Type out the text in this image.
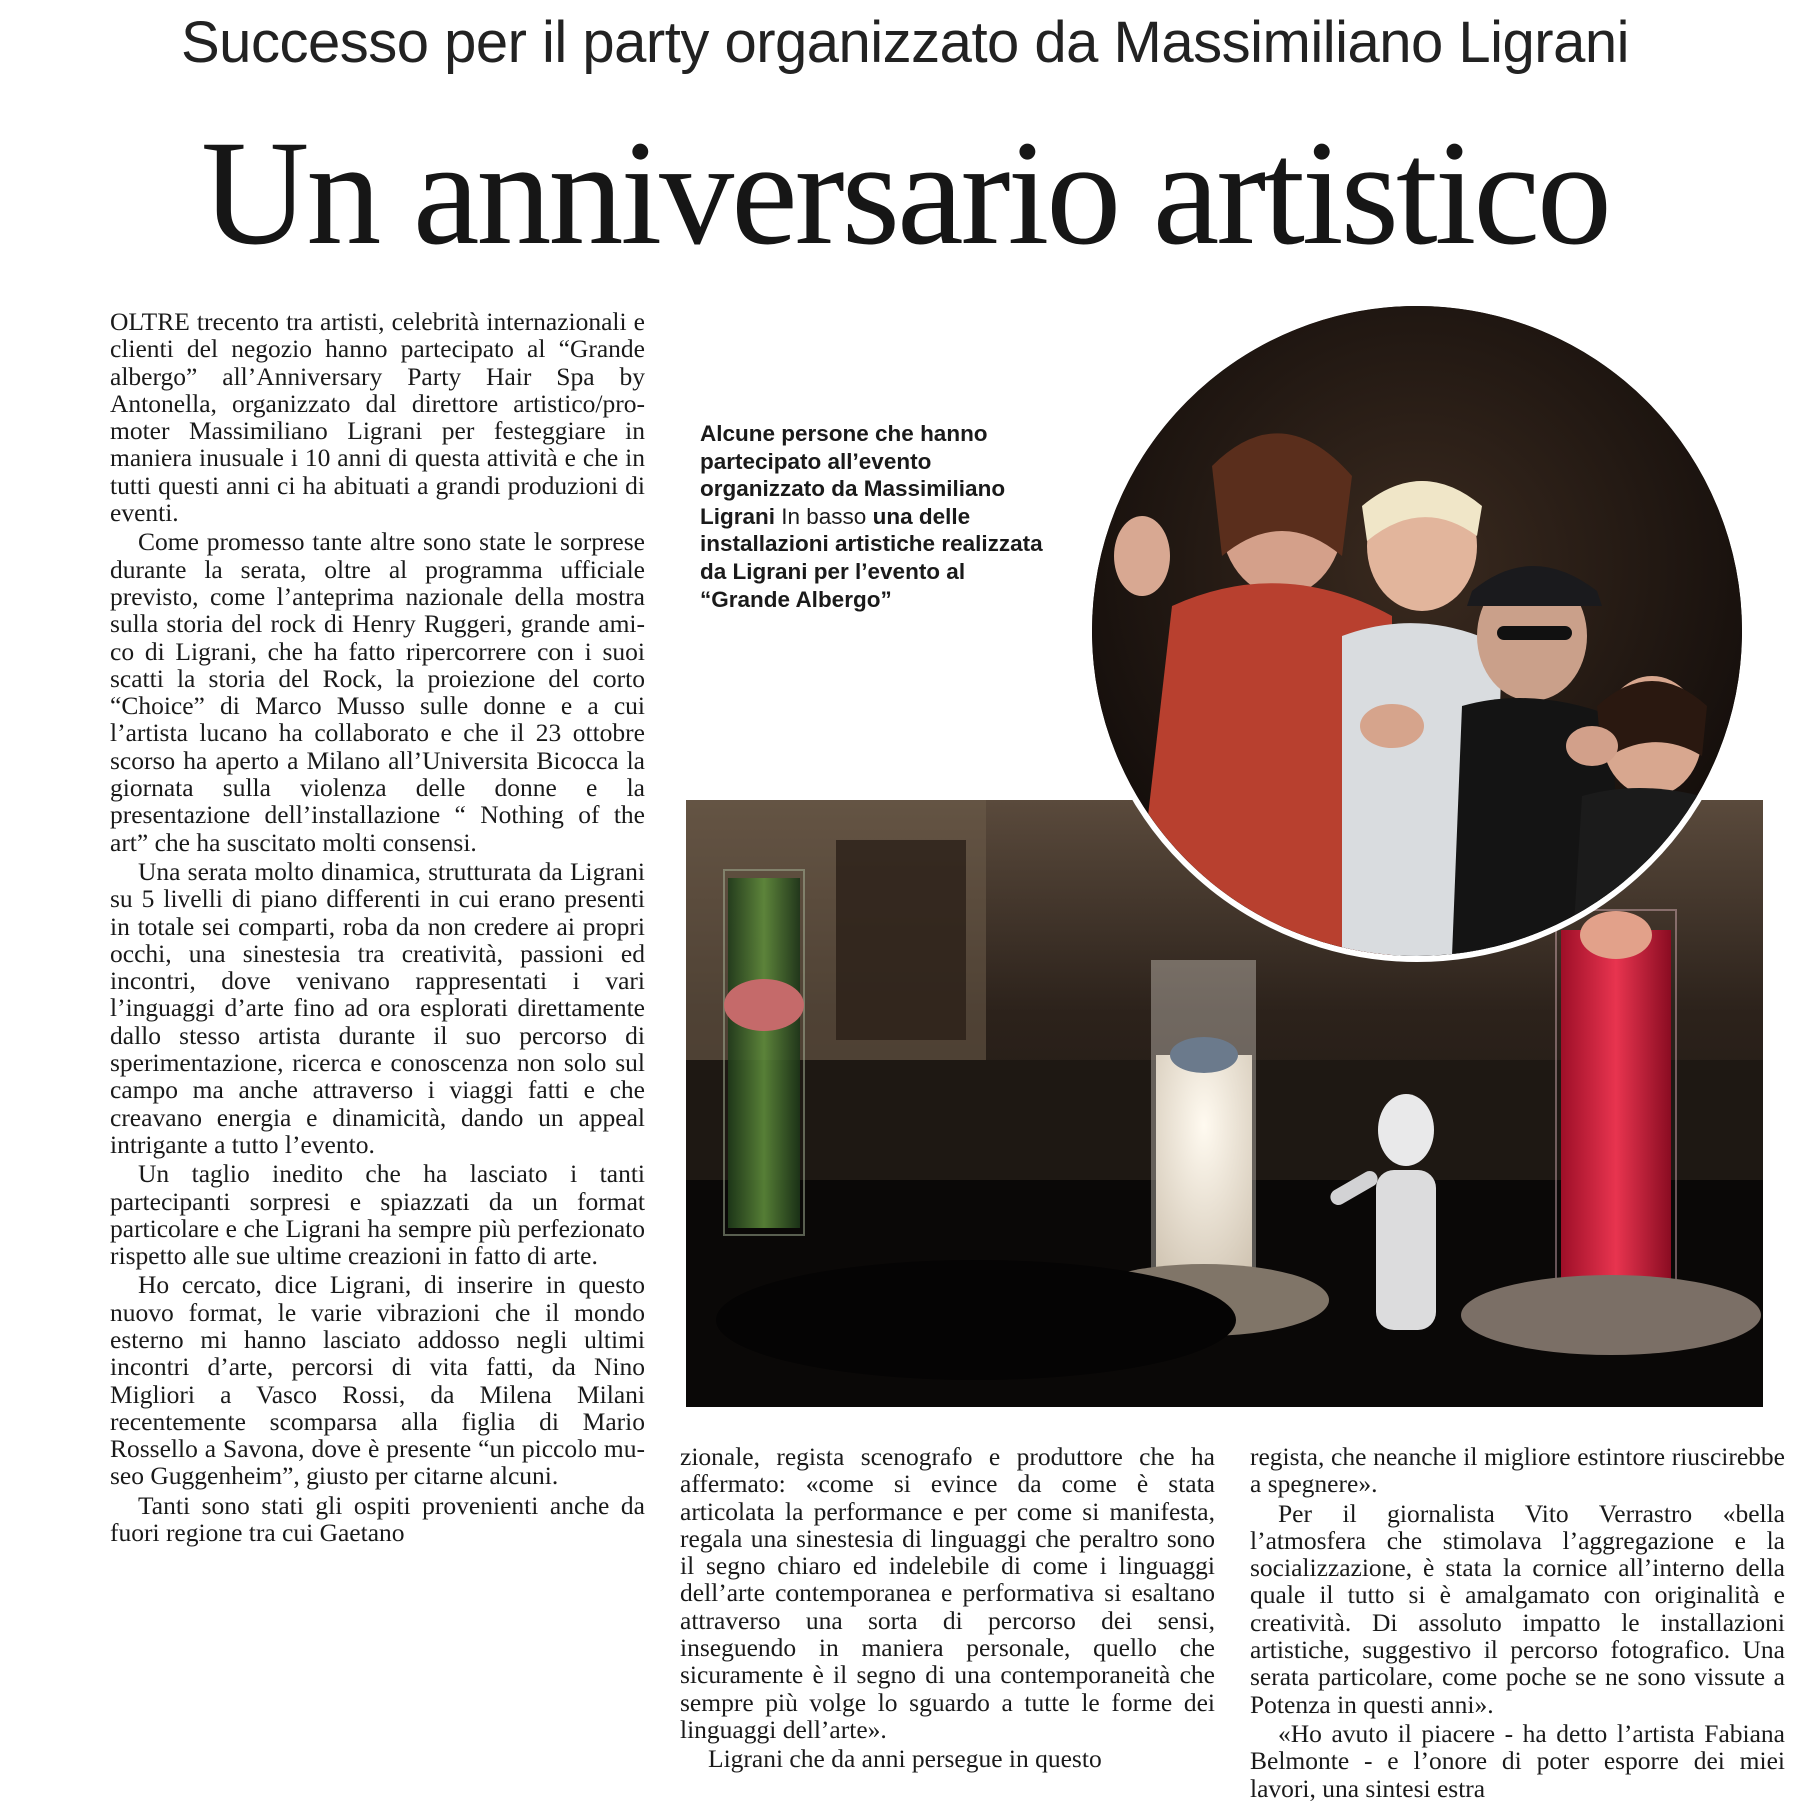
Successo per il party organizzato da Massimiliano Ligrani
Un anniversario artistico

OLTRE trecento tra artisti, celebrità internazionali e clienti del negozio hanno partecipato al “Grande albergo” all’Anniversary Party Hair Spa by Antonella, organizzato dal direttore artistico/promoter Massimiliano Ligrani per festeggiare in maniera inusuale i 10 anni di questa attività e che in tutti questi anni ci ha abituati a grandi produzioni di eventi.

Come promesso tante altre sono state le sorprese durante la serata, oltre al programma ufficiale previsto, come l’anteprima nazionale della mostra sulla storia del rock di Henry Ruggeri, grande amico di Ligrani, che ha fatto ripercorrere con i suoi scatti la storia del Rock, la proiezione del corto “Choice” di Marco Musso sulle donne e a cui l’artista lucano ha collaborato e che il 23 ottobre scorso ha aperto a Milano all’Universita Bicocca la giornata sulla violenza delle donne e la presentazione dell’installazione “ Nothing of the art” che ha suscitato molti consensi.

Una serata molto dinamica, strutturata da Ligrani su 5 livelli di piano differenti in cui erano presenti in totale sei comparti, roba da non credere ai propri occhi, una sinestesia tra creatività, passioni ed incontri, dove venivano rappresentati i vari l’inguaggi d’arte fino ad ora esplorati direttamente dallo stesso artista durante il suo percorso di sperimentazione, ricerca e conoscenza non solo sul campo ma anche attraverso i viaggi fatti e che creavano energia e dinamicità, dando un appeal intrigante a tutto l’evento.

Un taglio inedito che ha lasciato i tanti partecipanti sorpresi e spiazzati da un format particolare e che Ligrani ha sempre più perfezionato rispetto alle sue ultime creazioni in fatto di arte.

Ho cercato, dice Ligrani, di inserire in questo nuovo format, le varie vibrazioni che il mondo esterno mi hanno lasciato addosso negli ultimi incontri d’arte, percorsi di vita fatti, da Nino Migliori a Vasco Rossi, da Milena Milani recentemente scomparsa alla figlia di Mario Rossello a Savona, dove è presente “un piccolo museo Guggenheim”, giusto per citarne alcuni.

Tanti sono stati gli ospiti provenienti anche da fuori regione tra cui Gaetano

Alcune persone che hanno partecipato all’evento organizzato da Massimiliano Ligrani In basso una delle installazioni artistiche realizzata da Ligrani per l’evento al “Grande Albergo”

zionale, regista scenografo e produttore che ha affermato: «come si evince da come è stata articolata la performance e per come si manifesta, regala una sinestesia di linguaggi che peraltro sono il segno chiaro ed indelebile di come i linguaggi dell’arte contemporanea e performativa si esaltano attraverso una sorta di percorso dei sensi, inseguendo in maniera personale, quello che sicuramente è il segno di una contemporaneità che sempre più volge lo sguardo a tutte le forme dei linguaggi dell’arte».

Ligrani che da anni persegue in questo

regista, che neanche il migliore estintore riuscirebbe a spegnere».

Per il giornalista Vito Verrastro «bella l’atmosfera che stimolava l’aggregazione e la socializzazione, è stata la cornice all’interno della quale il tutto si è amalgamato con originalità e creatività. Di assoluto impatto le installazioni artistiche, suggestivo il percorso fotografico. Una serata particolare, come poche se ne sono vissute a Potenza in questi anni».

«Ho avuto il piacere - ha detto l’artista Fabiana Belmonte - e l’onore di poter esporre dei miei lavori, una sintesi estra
